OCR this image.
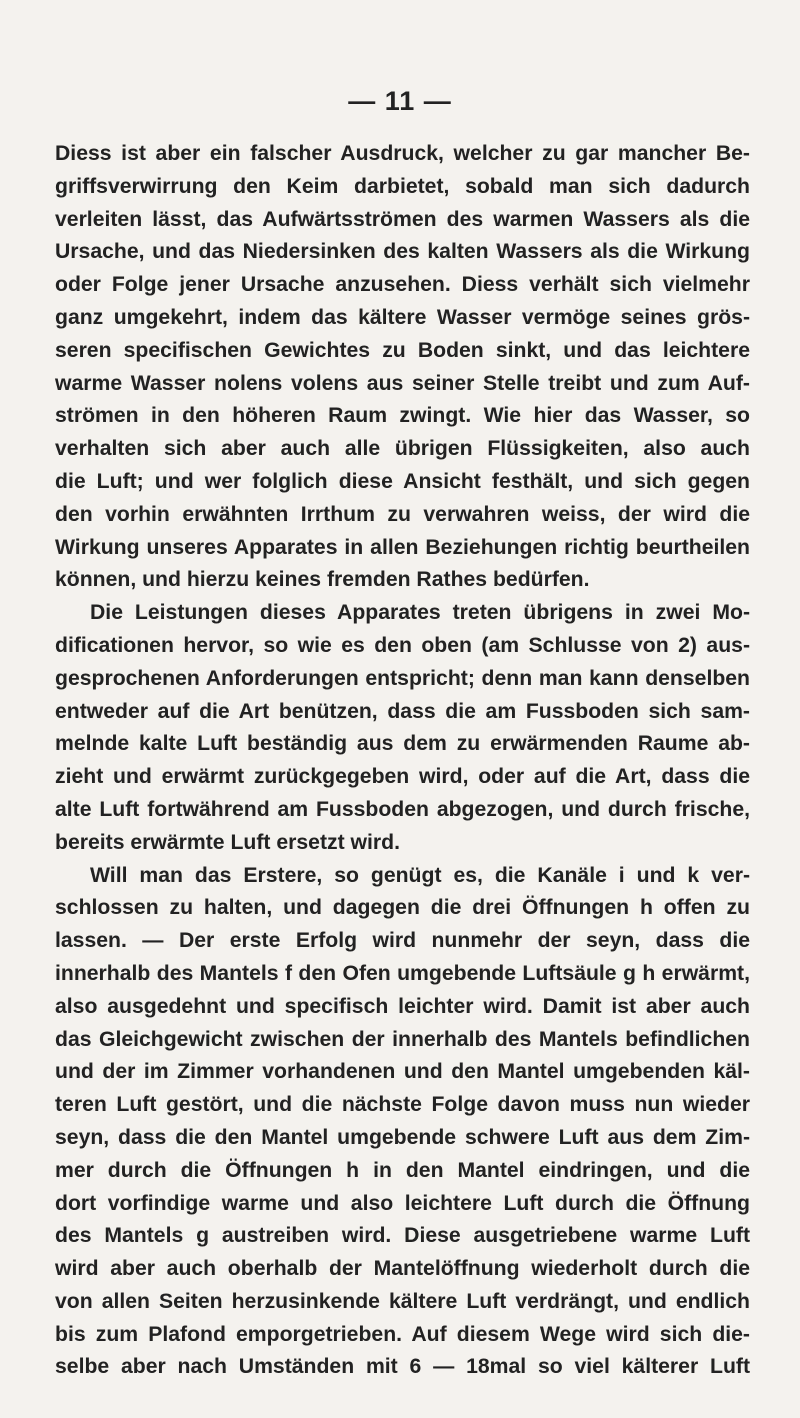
— 11 —
Diess ist aber ein falscher Ausdruck, welcher zu gar mancher Be-
griffsverwirrung den Keim darbietet, sobald man sich dadurch
verleiten lässt, das Aufwärtsströmen des warmen Wassers als die
Ursache, und das Niedersinken des kalten Wassers als die Wirkung
oder Folge jener Ursache anzusehen. Diess verhält sich vielmehr
ganz umgekehrt, indem das kältere Wasser vermöge seines grös-
seren specifischen Gewichtes zu Boden sinkt, und das leichtere
warme Wasser nolens volens aus seiner Stelle treibt und zum Auf-
strömen in den höheren Raum zwingt. Wie hier das Wasser, so
verhalten sich aber auch alle übrigen Flüssigkeiten, also auch
die Luft; und wer folglich diese Ansicht festhält, und sich gegen
den vorhin erwähnten Irrthum zu verwahren weiss, der wird die
Wirkung unseres Apparates in allen Beziehungen richtig beurtheilen
können, und hierzu keines fremden Rathes bedürfen.
Die Leistungen dieses Apparates treten übrigens in zwei Mo-
dificationen hervor, so wie es den oben (am Schlusse von 2) aus-
gesprochenen Anforderungen entspricht; denn man kann denselben
entweder auf die Art benützen, dass die am Fussboden sich sam-
melnde kalte Luft beständig aus dem zu erwärmenden Raume ab-
zieht und erwärmt zurückgegeben wird, oder auf die Art, dass die
alte Luft fortwährend am Fussboden abgezogen, und durch frische,
bereits erwärmte Luft ersetzt wird.
Will man das Erstere, so genügt es, die Kanäle i und k ver-
schlossen zu halten, und dagegen die drei Öffnungen h offen zu
lassen. — Der erste Erfolg wird nunmehr der seyn, dass die
innerhalb des Mantels f den Ofen umgebende Luftsäule g h erwärmt,
also ausgedehnt und specifisch leichter wird. Damit ist aber auch
das Gleichgewicht zwischen der innerhalb des Mantels befindlichen
und der im Zimmer vorhandenen und den Mantel umgebenden käl-
teren Luft gestört, und die nächste Folge davon muss nun wieder
seyn, dass die den Mantel umgebende schwere Luft aus dem Zim-
mer durch die Öffnungen h in den Mantel eindringen, und die
dort vorfindige warme und also leichtere Luft durch die Öffnung
des Mantels g austreiben wird. Diese ausgetriebene warme Luft
wird aber auch oberhalb der Mantelöffnung wiederholt durch die
von allen Seiten herzusinkende kältere Luft verdrängt, und endlich
bis zum Plafond emporgetrieben. Auf diesem Wege wird sich die-
selbe aber nach Umständen mit 6 — 18mal so viel kälterer Luft
